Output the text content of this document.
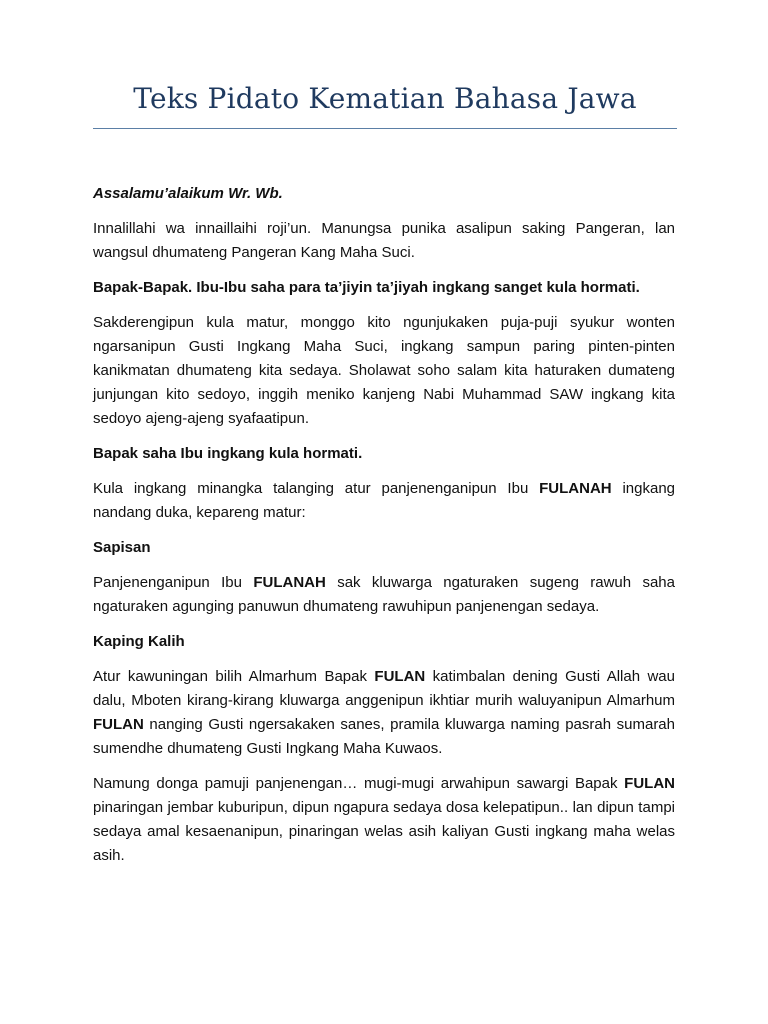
Teks Pidato Kematian Bahasa Jawa

Assalamu’alaikum Wr. Wb.

Innalillahi wa innaillaihi roji’un. Manungsa punika asalipun saking Pangeran, lan wangsul dhumateng Pangeran Kang Maha Suci.

Bapak-Bapak. Ibu-Ibu saha para ta’jiyin ta’jiyah ingkang sanget kula hormati.

Sakderengipun kula matur, monggo kito ngunjukaken puja-puji syukur wonten ngarsanipun Gusti Ingkang Maha Suci, ingkang sampun paring pinten-pinten kanikmatan dhumateng kita sedaya. Sholawat soho salam kita haturaken dumateng junjungan kito sedoyo, inggih meniko kanjeng Nabi Muhammad SAW ingkang kita sedoyo ajeng-ajeng syafaatipun.

Bapak saha Ibu ingkang kula hormati.

Kula ingkang minangka talanging atur panjenenganipun Ibu FULANAH ingkang nandang duka, kepareng matur:

Sapisan

Panjenenganipun Ibu FULANAH sak kluwarga ngaturaken sugeng rawuh saha ngaturaken agunging panuwun dhumateng rawuhipun panjenengan sedaya.

Kaping Kalih

Atur kawuningan bilih Almarhum Bapak FULAN katimbalan dening Gusti Allah wau dalu, Mboten kirang-kirang kluwarga anggenipun ikhtiar murih waluyanipun Almarhum FULAN nanging Gusti ngersakaken sanes, pramila kluwarga naming pasrah sumarah sumendhe dhumateng Gusti Ingkang Maha Kuwaos.

Namung donga pamuji panjenengan… mugi-mugi arwahipun sawargi Bapak FULAN pinaringan jembar kuburipun, dipun ngapura sedaya dosa kelepatipun.. lan dipun tampi sedaya amal kesaenanipun, pinaringan welas asih kaliyan Gusti ingkang maha welas asih.
